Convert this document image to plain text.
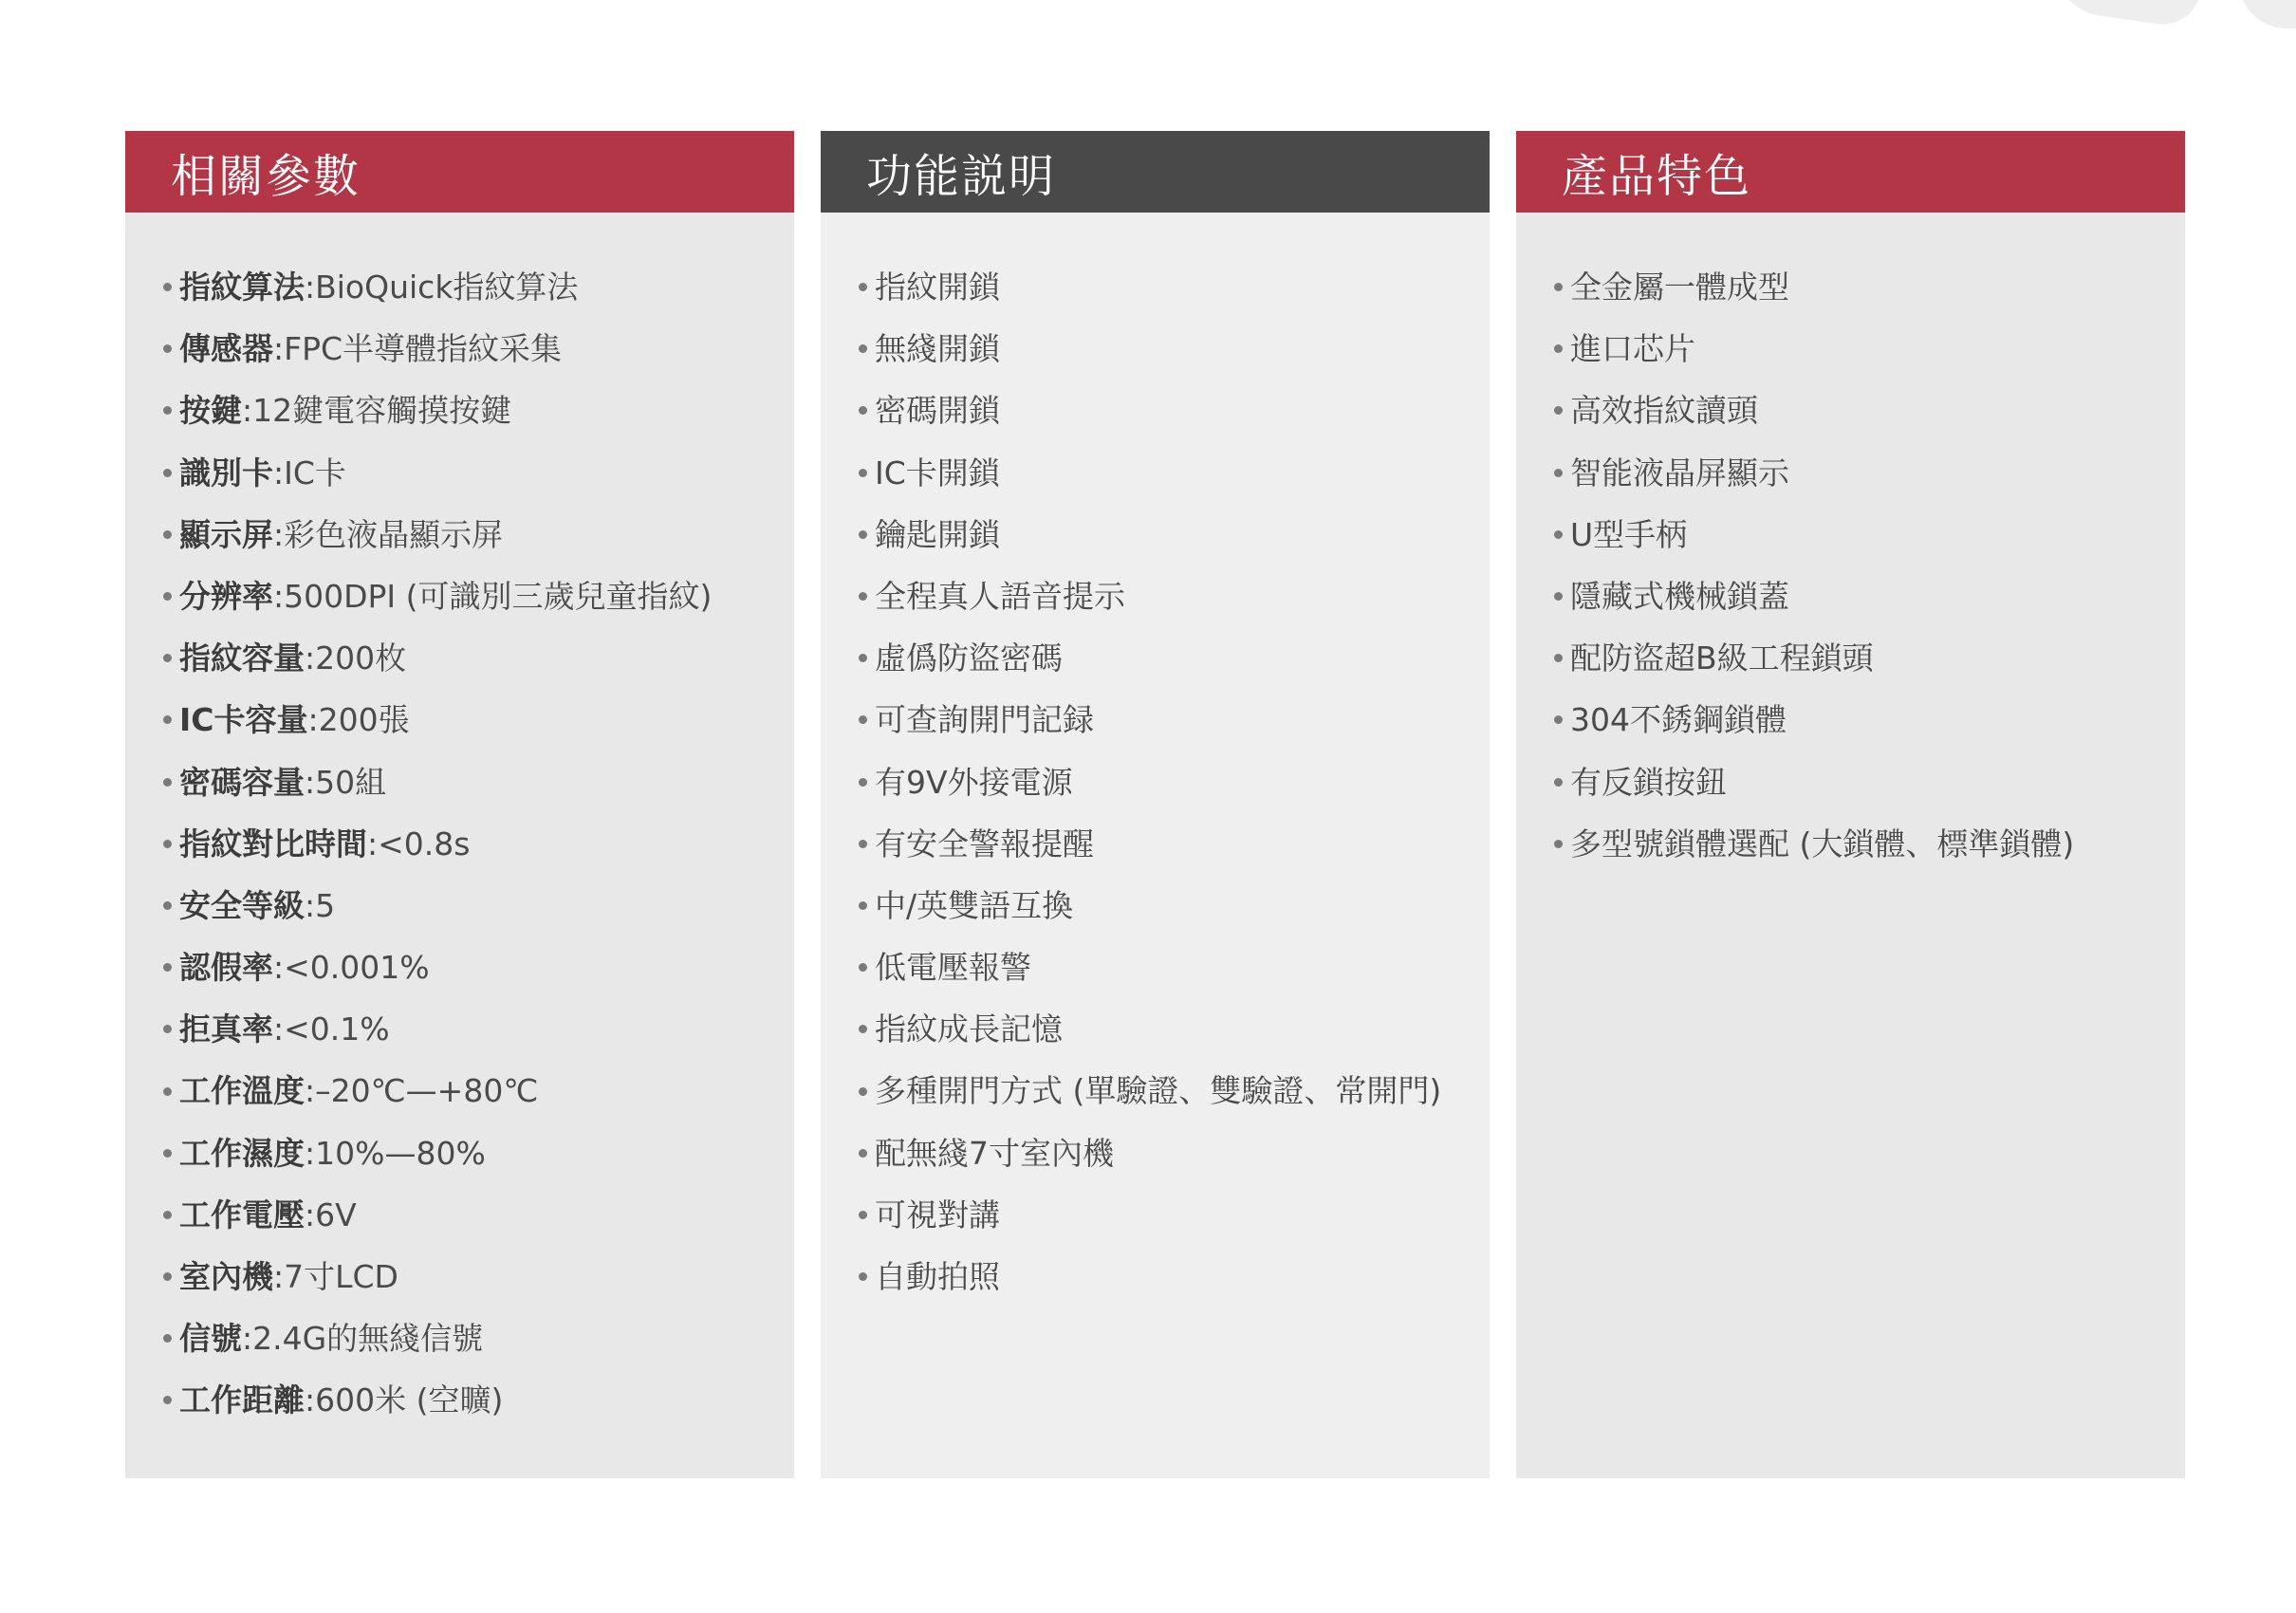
相關參數
指紋算法 : BioQuick指紋算法
傳感器 : FPC半導體指紋采集
按鍵 : 12鍵電容觸摸按鍵
識別卡 : IC卡
顯示屏 : 彩色液晶顯示屏
分辨率 : 500DPI (可識別三歲兒童指紋)
指紋容量 : 200枚
IC卡容量 : 200張
密碼容量 : 50組
指紋對比時間 : <0.8s
安全等級 : 5
認假率 : <0.001%
拒真率 : <0.1%
工作溫度 : –20℃—+80℃
工作濕度 : 10%—80%
工作電壓 : 6V
室內機 : 7寸LCD
信號 : 2.4G的無綫信號
工作距離 : 600米 (空曠)
功能説明
指紋開鎖
無綫開鎖
密碼開鎖
IC卡開鎖
鑰匙開鎖
全程真人語音提示
虛僞防盜密碼
可查詢開門記録
有9V外接電源
有安全警報提醒
中/英雙語互換
低電壓報警
指紋成長記憶
多種開門方式 (單驗證、雙驗證、常開門)
配無綫7寸室內機
可視對講
自動拍照
產品特色
全金屬一體成型
進口芯片
高效指紋讀頭
智能液晶屏顯示
U型手柄
隱藏式機械鎖蓋
配防盜超B級工程鎖頭
304不銹鋼鎖體
有反鎖按鈕
多型號鎖體選配 (大鎖體、標準鎖體)
